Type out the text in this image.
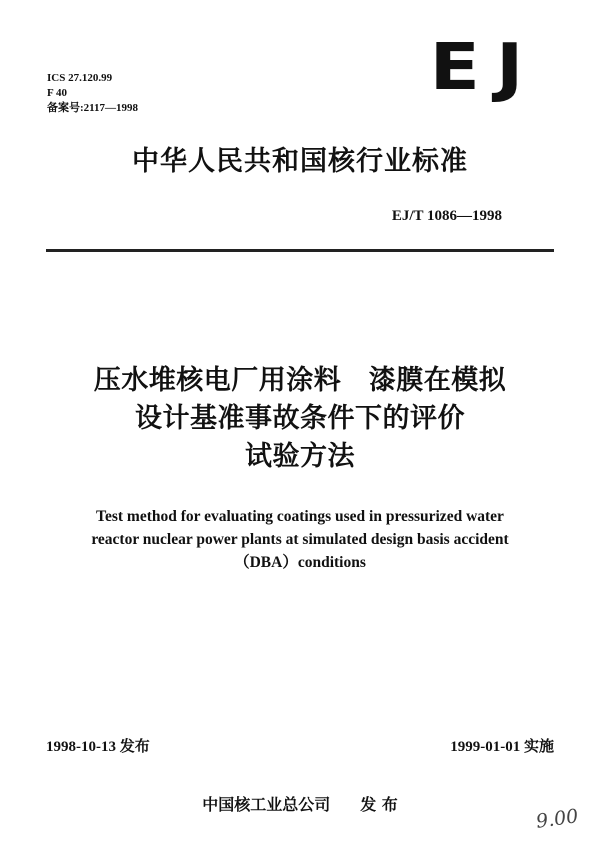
ICS 27.120.99
F 40
备案号:2117—1998
EJ
中华人民共和国核行业标准
EJ/T 1086—1998
压水堆核电厂用涂料　漆膜在模拟
设计基准事故条件下的评价
试验方法
Test method for evaluating coatings used in pressurized water
reactor nuclear power plants at simulated design basis accident
（DBA）conditions
1998-10-13 发布	1999-01-01 实施
中国核工业总公司 发 布
9.00
